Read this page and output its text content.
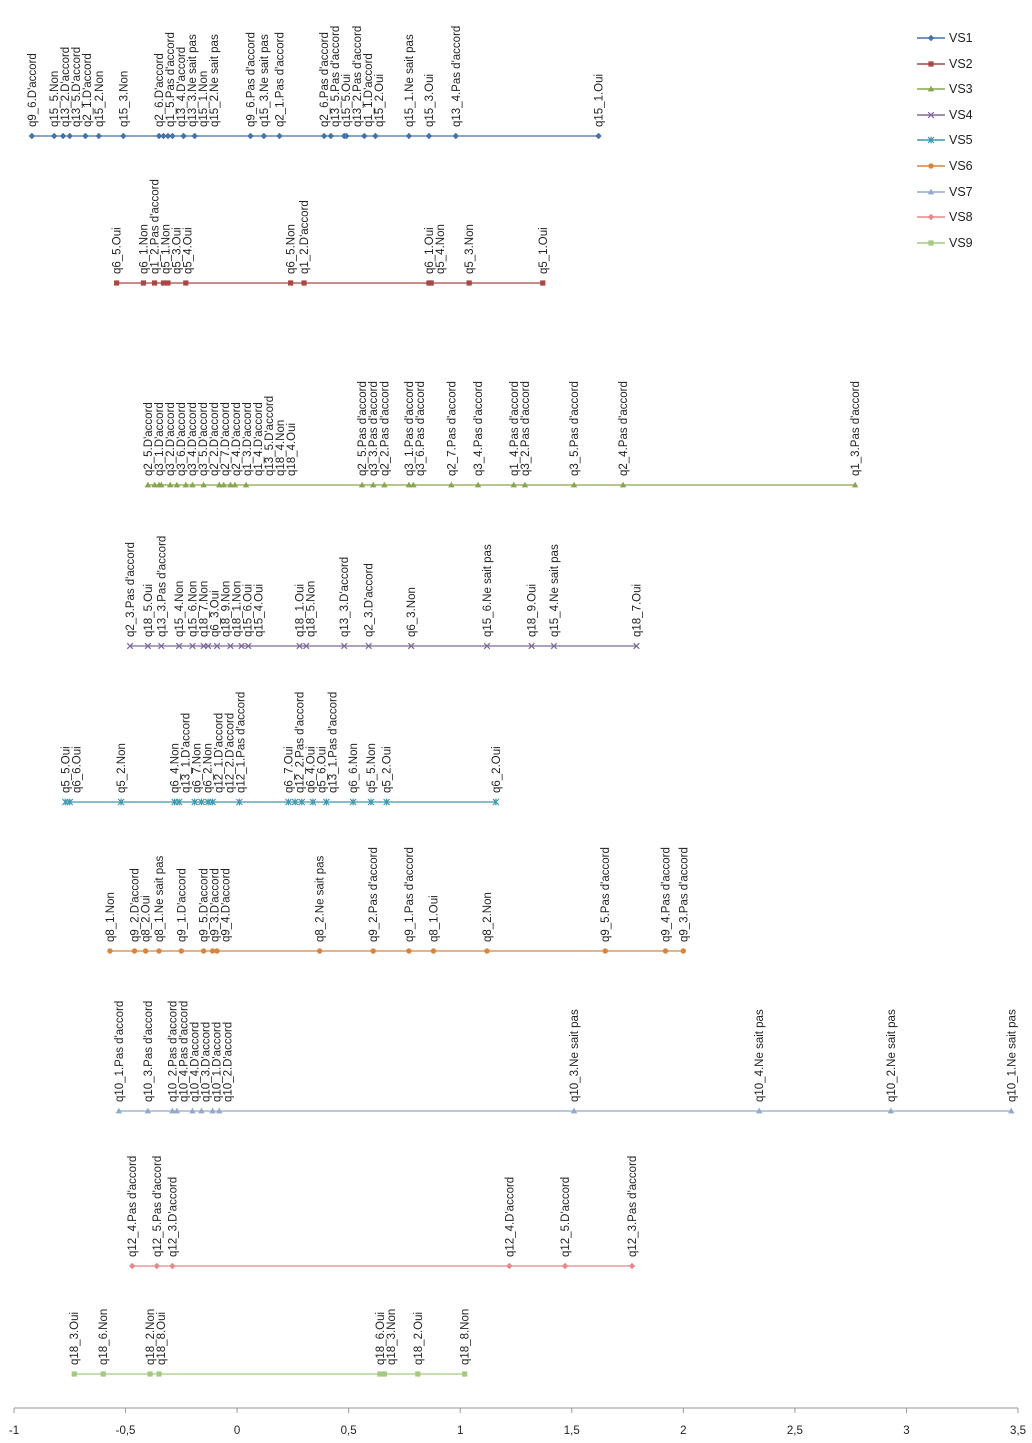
-1	-0,5	0	0,5	1	1,5	2	2,5	3	3,5
q9_6.D'accord q15_5.Non q13_2.D'accord q13_5.D'accord q2_1.D'accord q15_2.Non q15_3.Non q2_6.D'accord q1_5.Pas d'accord q13_4.D'accord q13_3.Ne sait pas q15_1.Non q15_2.Ne sait pas q9_6.Pas d'accord q15_3.Ne sait pas q2_1.Pas d'accord	q2_6.Pas d'accord q13_5.Pas d'accord q15_5.Oui q13_2.Pas d'accord q1_1.D'accord q15_2.Oui q15_1.Ne sait pas q15_3.Oui q13_4.Pas d'accord	q15_1.Oui
q6_5.Oui q6_1.Non q1_2.Pas d'accord q5_1.Non q5_3.Oui q5_4.Oui	q6_5.Non q1_2.D'accord	q6_1.Oui q5_4.Non q5_3.Non	q5_1.Oui
q2_5.D'accord q3_1.D'accord q3_2.D'accord q3_6.D'accord q3_4.D'accord q3_5.D'accord q2_2.D'accord q2_7.D'accord q2_4.D'accord q1_3.D'accord q1_4.D'accord q13_5.D'accord q18_4.Non q18_4.Oui	q2_5.Pas d'accord q3_3.Pas d'accord q2_2.Pas d'accord q3_1.Pas d'accord q3_6.Pas d'accord q2_7.Pas d'accord q3_4.Pas d'accord q1_4.Pas d'accord q3_2.Pas d'accord	q3_5.Pas d'accord	q2_4.Pas d'accord	q1_3.Pas d'accord
q2_3.Pas d'accord q18_5.Oui q13_3.Pas d'accord q15_4.Non q15_6.Non q18_7.Non q6_3.Oui q18_9.Non q18_1.Non q15_6.Oui q15_4.Oui	q18_1.Oui q18_5.Non q13_3.D'accord q2_3.D'accord	q6_3.Non	q15_6.Ne sait pas	q18_9.Oui q15_4.Ne sait pas	q18_7.Oui
q5_5.Oui q6_6.Oui	q5_2.Non	q6_4.Non q13_1.D'accord q6_7.Non q6_2.Non q12_1.D'accord q12_2.D'accord q12_1.Pas d'accord	q6_7.Oui q12_2.Pas d'accord q6_4.Oui q5_6.Oui q13_1.Pas d'accord q6_6.Non q5_5.Non q5_2.Oui	q6_2.Oui
q8_1.Non q9_2.D'accord q8_2.Oui q8_1.Ne sait pas q9_1.D'accord q9_5.D'accord q9_3.D'accord q9_4.D'accord	q8_2.Ne sait pas	q9_2.Pas d'accord q9_1.Pas d'accord q8_1.Oui	q8_2.Non	q9_5.Pas d'accord	q9_4.Pas d'accord q9_3.Pas d'accord
q10_1.Pas d'accord q10_3.Pas d'accord q10_2.Pas d'accord q10_4.Pas d'accord q10_4.D'accord q10_3.D'accord q10_1.D'accord q10_2.D'accord	q10_3.Ne sait pas	q10_4.Ne sait pas	q10_2.Ne sait pas	q10_1.Ne sait pas
q12_4.Pas d'accord q12_5.Pas d'accord q12_3.D'accord	q12_4.D'accord	q12_5.D'accord	q12_3.Pas d'accord
q18_3.Oui q18_6.Non	q18_2.Non q18_8.Oui	q18_6.Oui q18_3.Non q18_2.Oui	q18_8.Non
VS1
VS2
VS3
VS4
VS5
VS6
VS7
VS8
VS9
